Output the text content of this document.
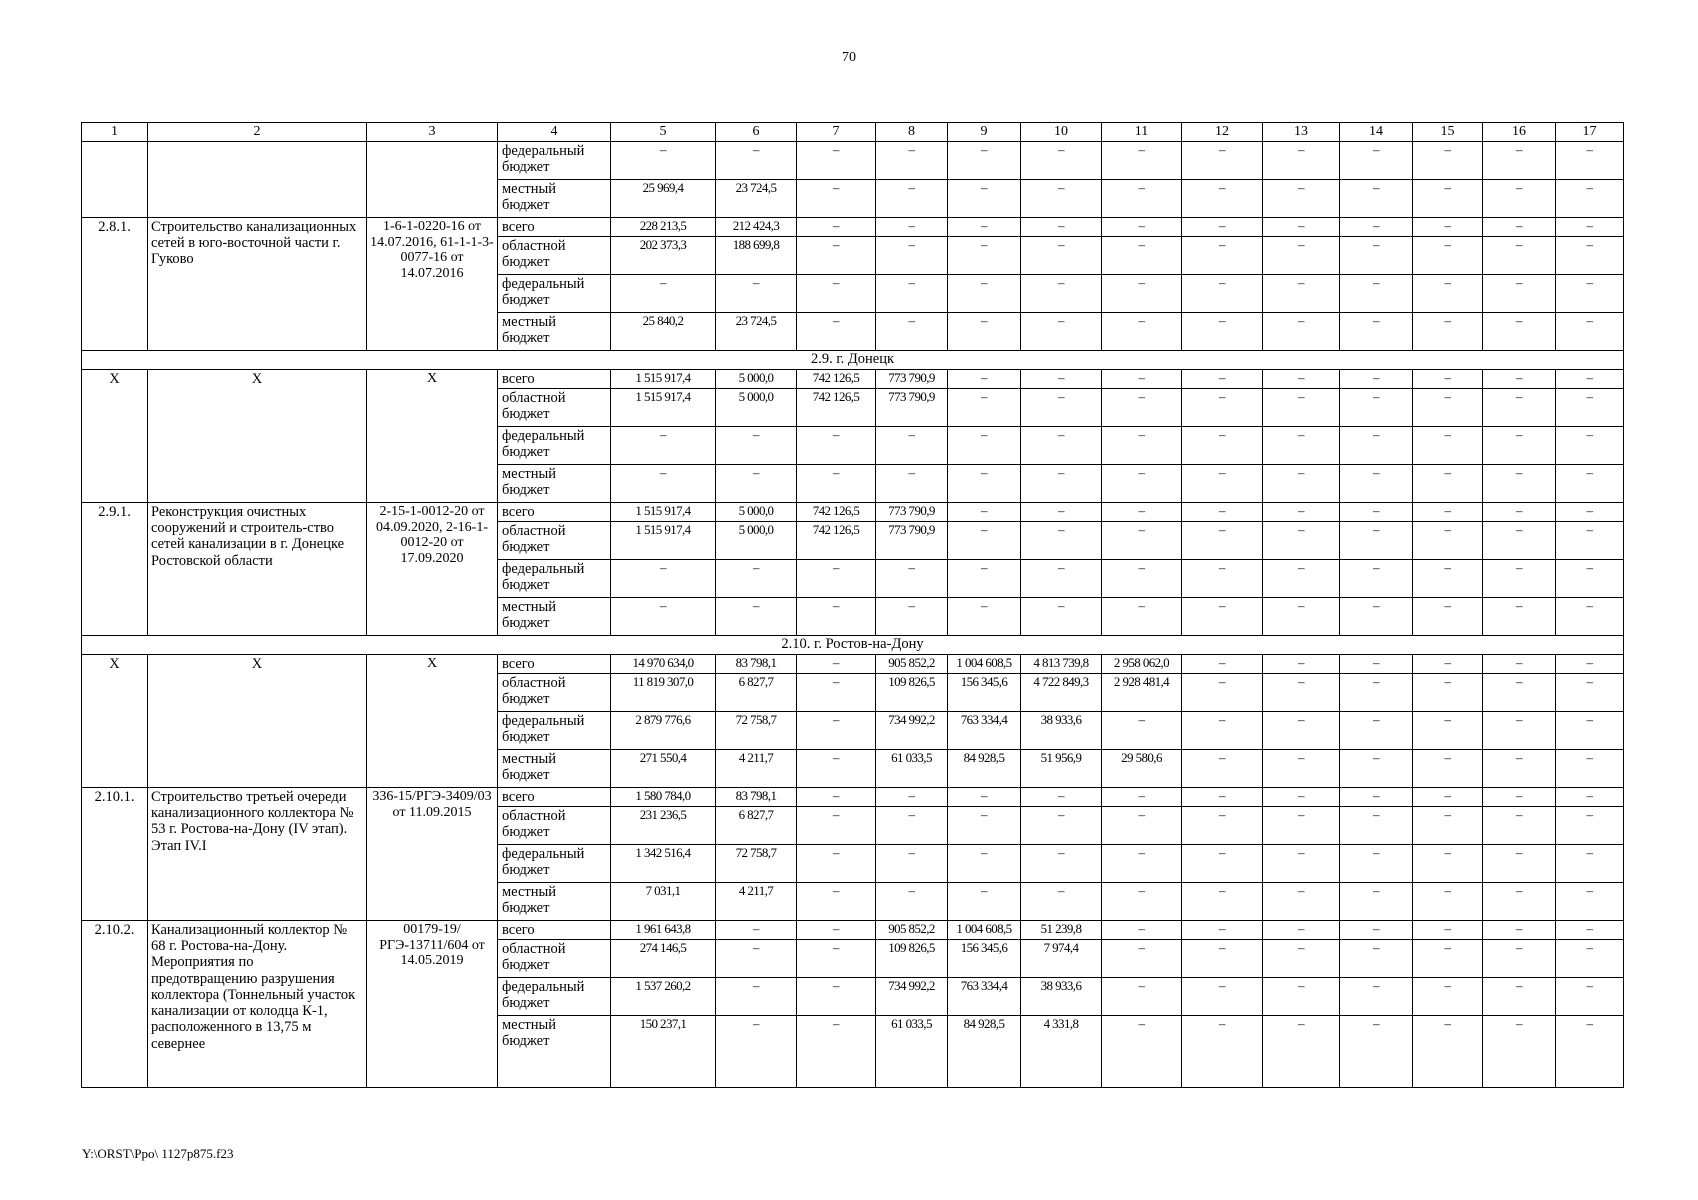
70
1	2	3	4	5	6	7	8	9	10	11	12	13	14	15	16	17
			федеральный бюджет	–	–	–	–	–	–	–	–	–	–	–	–	–
			местный бюджет	25 969,4	23 724,5	–	–	–	–	–	–	–	–	–	–	–
2.8.1.	Строительство канализационных сетей в юго-восточной части г. Гуково	1-6-1-0220-16 от 14.07.2016, 61-1-1-3-0077-16 от 14.07.2016	всего	228 213,5	212 424,3	–	–	–	–	–	–	–	–	–	–	–
			областной бюджет	202 373,3	188 699,8	–	–	–	–	–	–	–	–	–	–	–
			федеральный бюджет	–	–	–	–	–	–	–	–	–	–	–	–	–
			местный бюджет	25 840,2	23 724,5	–	–	–	–	–	–	–	–	–	–	–
2.9. г. Донецк																
Х	Х	Х	всего	1 515 917,4	5 000,0	742 126,5	773 790,9	–	–	–	–	–	–	–	–	–
			областной бюджет	1 515 917,4	5 000,0	742 126,5	773 790,9	–	–	–	–	–	–	–	–	–
			федеральный бюджет	–	–	–	–	–	–	–	–	–	–	–	–	–
			местный бюджет	–	–	–	–	–	–	–	–	–	–	–	–	–
2.9.1.	Реконструкция очистных сооружений и строитель-ство сетей канализации в г. Донецке Ростовской области	2-15-1-0012-20 от 04.09.2020, 2-16-1-0012-20 от 17.09.2020	всего	1 515 917,4	5 000,0	742 126,5	773 790,9	–	–	–	–	–	–	–	–	–
			областной бюджет	1 515 917,4	5 000,0	742 126,5	773 790,9	–	–	–	–	–	–	–	–	–
			федеральный бюджет	–	–	–	–	–	–	–	–	–	–	–	–	–
			местный бюджет	–	–	–	–	–	–	–	–	–	–	–	–	–
2.10. г. Ростов-на-Дону																
Х	Х	Х	всего	14 970 634,0	83 798,1	–	905 852,2	1 004 608,5	4 813 739,8	2 958 062,0	–	–	–	–	–	–
			областной бюджет	11 819 307,0	6 827,7	–	109 826,5	156 345,6	4 722 849,3	2 928 481,4	–	–	–	–	–	–
			федеральный бюджет	2 879 776,6	72 758,7	–	734 992,2	763 334,4	38 933,6	–	–	–	–	–	–	–
			местный бюджет	271 550,4	4 211,7	–	61 033,5	84 928,5	51 956,9	29 580,6	–	–	–	–	–	–
2.10.1.	Строительство третьей очереди канализационного коллектора № 53 г. Ростова-на-Дону (IV этап). Этап IV.I	336-15/РГЭ-3409/03 от 11.09.2015	всего	1 580 784,0	83 798,1	–	–	–	–	–	–	–	–	–	–	–
			областной бюджет	231 236,5	6 827,7	–	–	–	–	–	–	–	–	–	–	–
			федеральный бюджет	1 342 516,4	72 758,7	–	–	–	–	–	–	–	–	–	–	–
			местный бюджет	7 031,1	4 211,7	–	–	–	–	–	–	–	–	–	–	–
2.10.2.	Канализационный коллектор № 68 г. Ростова-на-Дону. Мероприятия по предотвращению разрушения коллектора (Тоннельный участок канализации от колодца К-1, расположенного в 13,75 м севернее	00179-19/РГЭ-13711/604 от 14.05.2019	всего	1 961 643,8	–	–	905 852,2	1 004 608,5	51 239,8	–	–	–	–	–	–	–
			областной бюджет	274 146,5	–	–	109 826,5	156 345,6	7 974,4	–	–	–	–	–	–	–
			федеральный бюджет	1 537 260,2	–	–	734 992,2	763 334,4	38 933,6	–	–	–	–	–	–	–
			местный бюджет	150 237,1	–	–	61 033,5	84 928,5	4 331,8	–	–	–	–	–	–	–
Y:\ORST\Ppo\ 1127p875.f23
